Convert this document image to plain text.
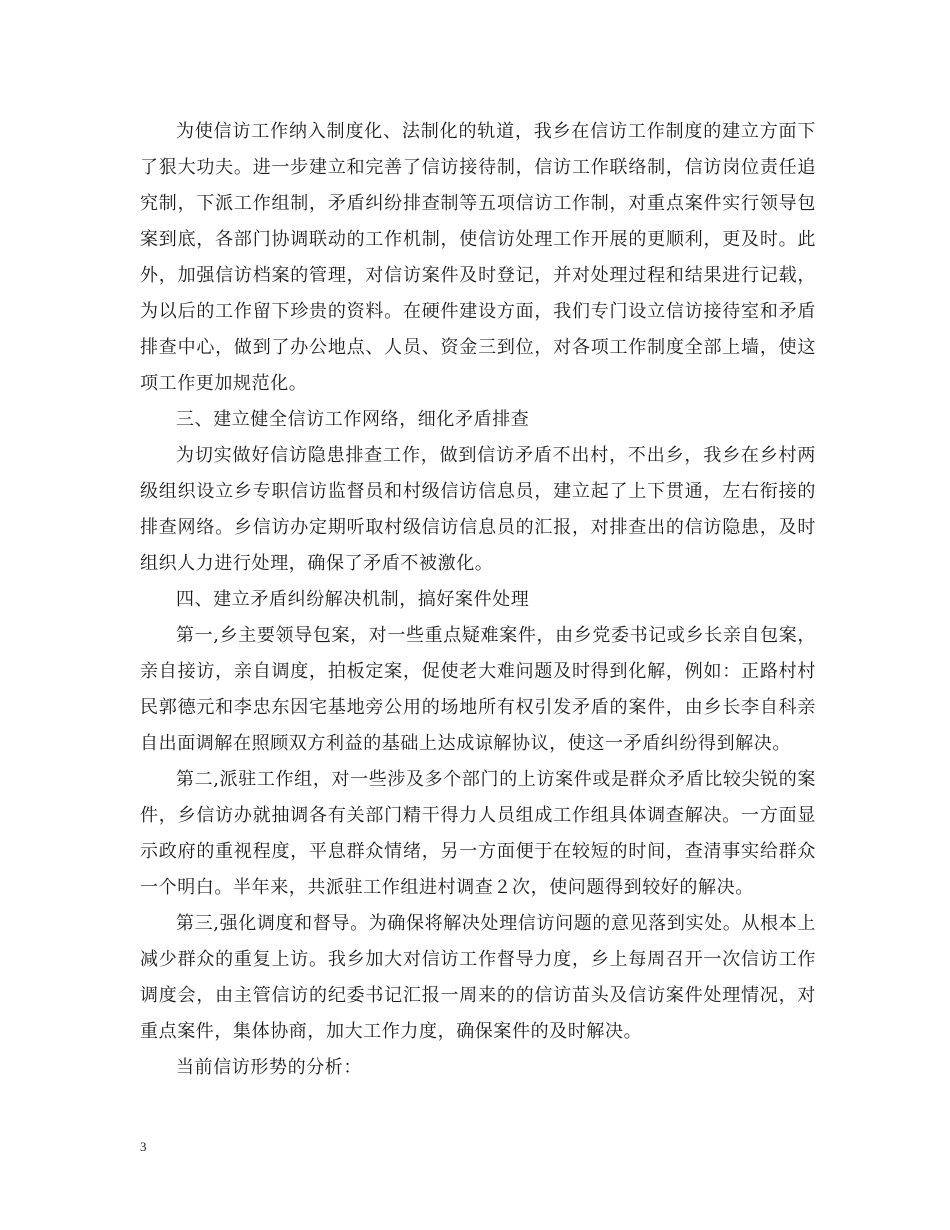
为使信访工作纳入制度化、法制化的轨道，我乡在信访工作制度的建立方面下了狠大功夫。进一步建立和完善了信访接待制，信访工作联络制，信访岗位责任追究制，下派工作组制，矛盾纠纷排查制等五项信访工作制，对重点案件实行领导包案到底，各部门协调联动的工作机制，使信访处理工作开展的更顺利，更及时。此外，加强信访档案的管理，对信访案件及时登记，并对处理过程和结果进行记载，为以后的工作留下珍贵的资料。在硬件建设方面，我们专门设立信访接待室和矛盾排查中心，做到了办公地点、人员、资金三到位，对各项工作制度全部上墙，使这项工作更加规范化。

三、建立健全信访工作网络，细化矛盾排查

为切实做好信访隐患排查工作，做到信访矛盾不出村，不出乡，我乡在乡村两级组织设立乡专职信访监督员和村级信访信息员，建立起了上下贯通，左右衔接的排查网络。乡信访办定期听取村级信访信息员的汇报，对排查出的信访隐患，及时组织人力进行处理，确保了矛盾不被激化。

四、建立矛盾纠纷解决机制，搞好案件处理

第一,乡主要领导包案，对一些重点疑难案件，由乡党委书记或乡长亲自包案，亲自接访，亲自调度，拍板定案，促使老大难问题及时得到化解，例如：正路村村民郭德元和李忠东因宅基地旁公用的场地所有权引发矛盾的案件，由乡长李自科亲自出面调解在照顾双方利益的基础上达成谅解协议，使这一矛盾纠纷得到解决。

第二,派驻工作组，对一些涉及多个部门的上访案件或是群众矛盾比较尖锐的案件，乡信访办就抽调各有关部门精干得力人员组成工作组具体调查解决。一方面显示政府的重视程度，平息群众情绪，另一方面便于在较短的时间，查清事实给群众一个明白。半年来，共派驻工作组进村调查２次，使问题得到较好的解决。

第三,强化调度和督导。为确保将解决处理信访问题的意见落到实处。从根本上减少群众的重复上访。我乡加大对信访工作督导力度，乡上每周召开一次信访工作调度会，由主管信访的纪委书记汇报一周来的的信访苗头及信访案件处理情况，对重点案件，集体协商，加大工作力度，确保案件的及时解决。

当前信访形势的分析：

3
